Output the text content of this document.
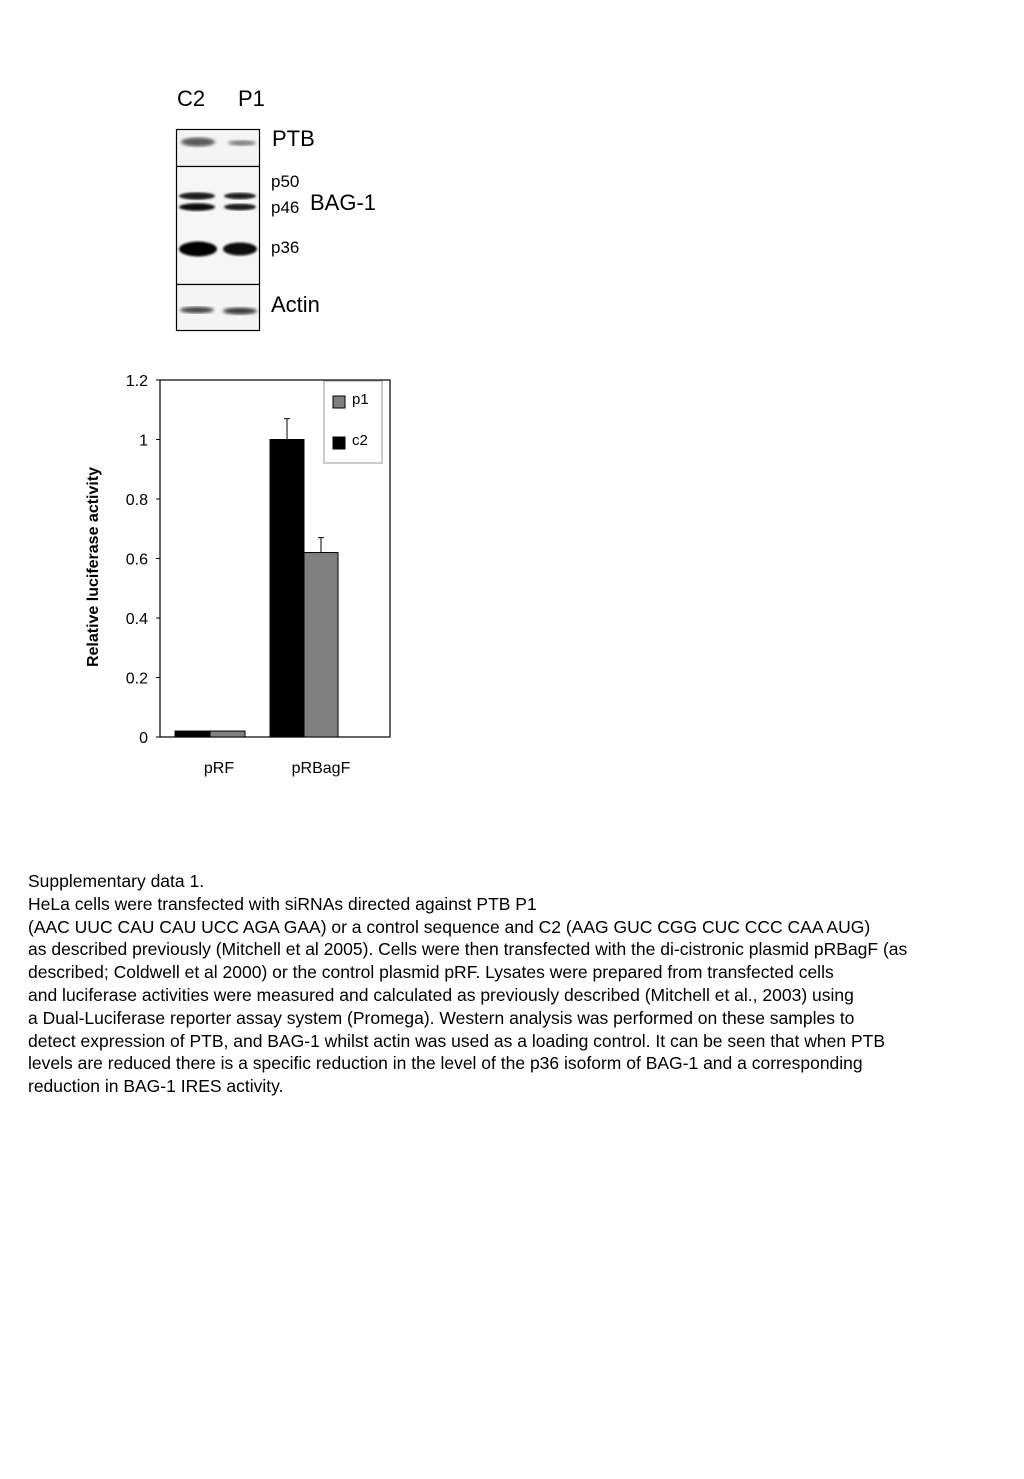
C2 P1
PTB
p50
p46 BAG-1
p36
Actin
0
0.2
0.4
0.6
0.8
1
1.2
p1
c2
pRF	pRBagF
Relative luciferase activity
Supplementary data 1.
HeLa cells were transfected with siRNAs directed against PTB P1
(AAC UUC CAU CAU UCC AGA GAA) or a control sequence and C2 (AAG GUC CGG CUC CCC CAA AUG)
as described previously (Mitchell et al 2005). Cells were then transfected with the di-cistronic plasmid pRBagF (as
described; Coldwell et al 2000) or the control plasmid pRF. Lysates were prepared from transfected cells
and luciferase activities were measured and calculated as previously described (Mitchell et al., 2003) using
a Dual-Luciferase reporter assay system (Promega). Western analysis was performed on these samples to
detect expression of PTB, and BAG-1 whilst actin was used as a loading control. It can be seen that when PTB
levels are reduced there is a specific reduction in the level of the p36 isoform of BAG-1 and a corresponding
reduction in BAG-1 IRES activity.
